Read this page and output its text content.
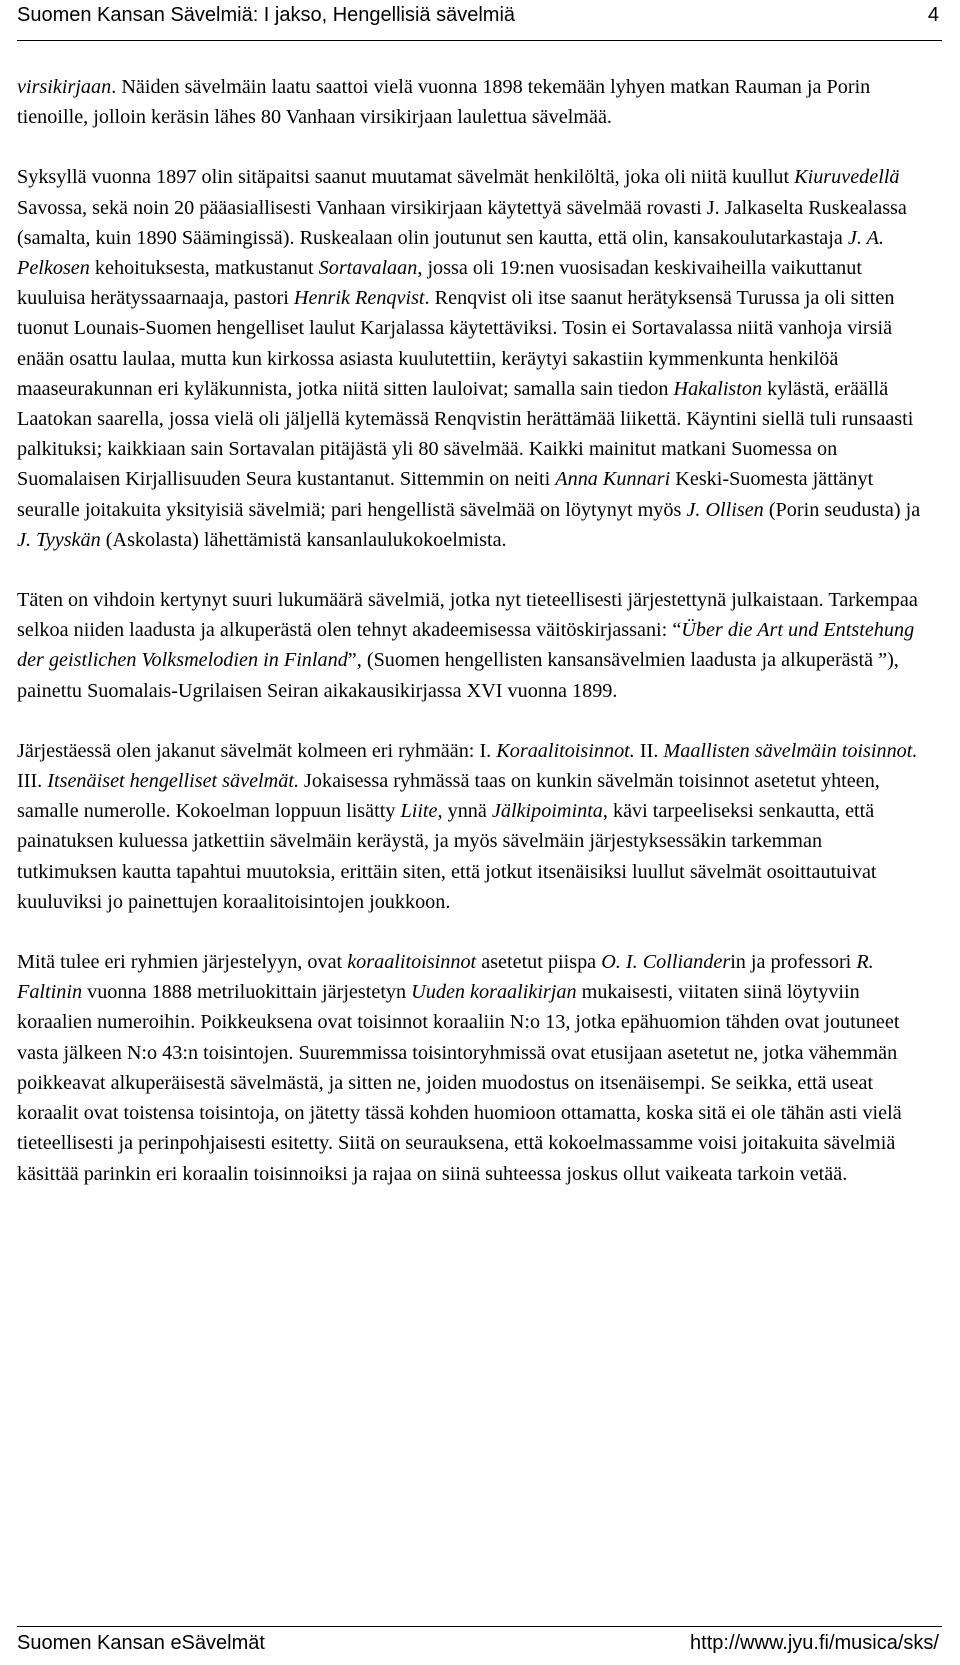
Suomen Kansan Sävelmiä: I jakso, Hengellisiä sävelmiä	4

virsikirjaan. Näiden sävelmäin laatu saattoi vielä vuonna 1898 tekemään lyhyen matkan Rauman ja Porin tienoille, jolloin keräsin lähes 80 Vanhaan virsikirjaan laulettua sävelmää.

Syksyllä vuonna 1897 olin sitäpaitsi saanut muutamat sävelmät henkilöltä, joka oli niitä kuullut Kiuruvedellä Savossa, sekä noin 20 pääasiallisesti Vanhaan virsikirjaan käytettyä sävelmää rovasti J. Jalkaselta Ruskealassa (samalta, kuin 1890 Säämingissä). Ruskealaan olin joutunut sen kautta, että olin, kansakoulutarkastaja J. A. Pelkosen kehoituksesta, matkustanut Sortavalaan, jossa oli 19:nen vuosisadan keskivaiheilla vaikuttanut kuuluisa herätyssaarnaaja, pastori Henrik Renqvist. Renqvist oli itse saanut herätyksensä Turussa ja oli sitten tuonut Lounais-Suomen hengelliset laulut Karjalassa käytettäviksi. Tosin ei Sortavalassa niitä vanhoja virsiä enään osattu laulaa, mutta kun kirkossa asiasta kuulutettiin, keräytyi sakastiin kymmenkunta henkilöä maaseurakunnan eri kyläkunnista, jotka niitä sitten lauloivat; samalla sain tiedon Hakaliston kylästä, eräällä Laatokan saarella, jossa vielä oli jäljellä kytemässä Renqvistin herättämää liikettä. Käyntini siellä tuli runsaasti palkituksi; kaikkiaan sain Sortavalan pitäjästä yli 80 sävelmää. Kaikki mainitut matkani Suomessa on Suomalaisen Kirjallisuuden Seura kustantanut. Sittemmin on neiti Anna Kunnari Keski-Suomesta jättänyt seuralle joitakuita yksityisiä sävelmiä; pari hengellistä sävelmää on löytynyt myös J. Ollisen (Porin seudusta) ja J. Tyyskän (Askolasta) lähettämistä kansanlaulukokoelmista.

Täten on vihdoin kertynyt suuri lukumäärä sävelmiä, jotka nyt tieteellisesti järjestettynä julkaistaan. Tarkempaa selkoa niiden laadusta ja alkuperästä olen tehnyt akadeemisessa väitöskirjassani: “Über die Art und Entstehung der geistlichen Volksmelodien in Finland”, (Suomen hengellisten kansansävelmien laadusta ja alkuperästä ”), painettu Suomalais-Ugrilaisen Seiran aikakausikirjassa XVI vuonna 1899.

Järjestäessä olen jakanut sävelmät kolmeen eri ryhmään: I. Koraalitoisinnot. II. Maallisten sävelmäin toisinnot. III. Itsenäiset hengelliset sävelmät. Jokaisessa ryhmässä taas on kunkin sävelmän toisinnot asetetut yhteen, samalle numerolle. Kokoelman loppuun lisätty Liite, ynnä Jälkipoiminta, kävi tarpeeliseksi senkautta, että painatuksen kuluessa jatkettiin sävelmäin keräystä, ja myös sävelmäin järjestyksessäkin tarkemman tutkimuksen kautta tapahtui muutoksia, erittäin siten, että jotkut itsenäisiksi luullut sävelmät osoittautuivat kuuluviksi jo painettujen koraalitoisintojen joukkoon.

Mitä tulee eri ryhmien järjestelyyn, ovat koraalitoisinnot asetetut piispa O. I. Collianderin ja professori R. Faltinin vuonna 1888 metriluokittain järjestetyn Uuden koraalikirjan mukaisesti, viitaten siinä löytyviin koraalien numeroihin. Poikkeuksena ovat toisinnot koraaliin N:o 13, jotka epähuomion tähden ovat joutuneet vasta jälkeen N:o 43:n toisintojen. Suuremmissa toisintoryhmissä ovat etusijaan asetetut ne, jotka vähemmän poikkeavat alkuperäisestä sävelmästä, ja sitten ne, joiden muodostus on itsenäisempi. Se seikka, että useat koraalit ovat toistensa toisintoja, on jätetty tässä kohden huomioon ottamatta, koska sitä ei ole tähän asti vielä tieteellisesti ja perinpohjaisesti esitetty. Siitä on seurauksena, että kokoelmassamme voisi joitakuita sävelmiä käsittää parinkin eri koraalin toisinnoiksi ja rajaa on siinä suhteessa joskus ollut vaikeata tarkoin vetää.

Suomen Kansan eSävelmät	http://www.jyu.fi/musica/sks/
